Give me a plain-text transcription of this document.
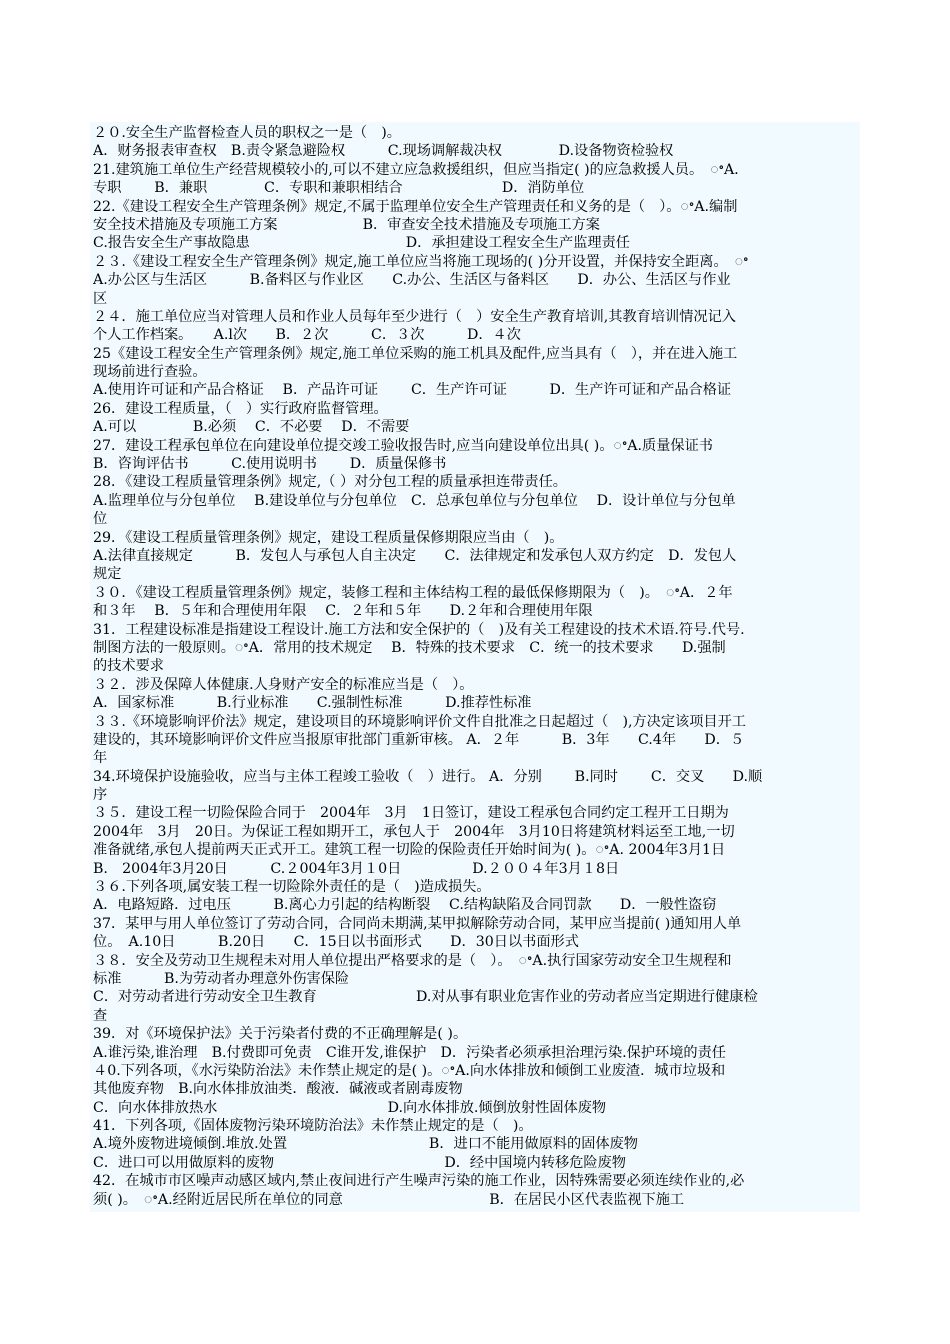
２０.安全生产监督检查人员的职权之一是（　)。
A．财务报表审查权　B.责令紧急避险权　　　C.现场调解裁决权　　　　D.设备物资检验权
21.建筑施工单位生产经营规模较小的,可以不建立应急救援组织，但应当指定( )的应急救援人员。　ꢀA．
专职　　 B．兼职　　　　C．专职和兼职相结合　　　　　　　D．消防单位
22.《建设工程安全生产管理条例》规定,不属于监理单位安全生产管理责任和义务的是（　）。ꢀA.编制
安全技术措施及专项施工方案　　　　　　B．审查安全技术措施及专项施工方案
C.报告安全生产事故隐患　　　　　　　　　　　D．承担建设工程安全生产监理责任
２３.《建设工程安全生产管理条例》规定,施工单位应当将施工现场的( )分开设置，并保持安全距离。　ꢀ
A.办公区与生活区　　　B.备料区与作业区　　C.办公、生活区与备料区　　D．办公、生活区与作业
区
２４．施工单位应当对管理人员和作业人员每年至少进行（　）安全生产教育培训,其教育培训情况记入
个人工作档案。　　A.l次　　B．２次　　　C．３次　　　D．４次
25《建设工程安全生产管理条例》规定,施工单位采购的施工机具及配件,应当具有（　），并在进入施工
现场前进行查验。
A.使用许可证和产品合格证　 B．产品许可证　　 C．生产许可证　　　D．生产许可证和产品合格证
26．建设工程质量，（　）实行政府监督管理。
A.可以　　　　B.必须　 C．不必要　 D．不需要
27．建设工程承包单位在向建设单位提交竣工验收报告时,应当向建设单位出具( )。ꢀA.质量保证书
B．咨询评估书　　　C.使用说明书　　 D．质量保修书
28．《建设工程质量管理条例》规定,（ ）对分包工程的质量承担连带责任。
A.监理单位与分包单位　 B.建设单位与分包单位　C．总承包单位与分包单位　 D．设计单位与分包单
位
29．《建设工程质量管理条例》规定，建设工程质量保修期限应当由（　)。
A.法律直接规定　　　B．发包人与承包人自主决定　　C．法律规定和发承包人双方约定　D．发包人
规定
３０．《建设工程质量管理条例》规定，装修工程和主体结构工程的最低保修期限为（　)。　ꢀA．２年
和３年　 B．５年和合理使用年限　 C．２年和５年　　D.２年和合理使用年限
31．工程建设标准是指建设工程设计.施工方法和安全保护的（　)及有关工程建设的技术术语.符号.代号.
制图方法的一般原则。ꢀA．常用的技术规定　 B．特殊的技术要求　C．统一的技术要求　　D.强制
的技术要求
３２．涉及保障人体健康.人身财产安全的标准应当是（　）。
A．国家标准　　　B.行业标准　　C.强制性标准　　　D.推荐性标准
３３.《环境影响评价法》规定，建设项目的环境影响评价文件自批准之日起超过（　),方决定该项目开工
建设的，其环境影响评价文件应当报原审批部门重新审核。 A．２年　　　B．3年　　C.4年　　D．５
年
34.环境保护设施验收，应当与主体工程竣工验收（　）进行。 A．分别　　 B.同时　　 C．交叉　　D.顺
序
３５．建设工程一切险保险合同于　2004年　3月　1日签订，建设工程承包合同约定工程开工日期为
2004年　3月　20日。为保证工程如期开工，承包人于　2004年　3月10日将建筑材料运至工地,一切
准备就绪,承包人提前两天正式开工。建筑工程一切险的保险责任开始时间为( )。ꢀA. 2004年3月1日
B.　2004年3月20日　　　C.２004年3月１0日　　　　　D.２００４年3月１8日
３６.下列各项,属安装工程一切险除外责任的是（　)造成损失。
A．电路短路．过电压　　　B.离心力引起的结构断裂　 C.结构缺陷及合同罚款　　D．一般性盗窃
37．某甲与用人单位签订了劳动合同，合同尚未期满,某甲拟解除劳动合同，某甲应当提前( )通知用人单
位。　A.10日　　　B.20日　　C．15日以书面形式　　D．30日以书面形式
３８．安全及劳动卫生规程未对用人单位提出严格要求的是（　）。　ꢀA.执行国家劳动安全卫生规程和
标准　　　B.为劳动者办理意外伤害保险
C．对劳动者进行劳动安全卫生教育　　　　　　　D.对从事有职业危害作业的劳动者应当定期进行健康检
查
39．对《环境保护法》关于污染者付费的不正确理解是( )。
A.谁污染,谁治理　B.付费即可免责　C谁开发,谁保护　D．污染者必须承担治理污染.保护环境的责任
４0.下列各项，《水污染防治法》未作禁止规定的是( )。ꢀA.向水体排放和倾倒工业废渣．城市垃圾和
其他废弃物　B.向水体排放油类．酸液．碱液或者剧毒废物
C．向水体排放热水　　　　　　　　　　　　D.向水体排放.倾倒放射性固体废物
41．下列各项,《固体废物污染环境防治法》未作禁止规定的是（　)。
A.境外废物进境倾倒.堆放.处置　　　　　　　　　　B．进口不能用做原料的固体废物
C．进口可以用做原料的废物　　　　　　　　　　　　D．经中国境内转移危险废物
42．在城市市区噪声动感区域内,禁止夜间进行产生噪声污染的施工作业，因特殊需要必须连续作业的,必
须( )。　ꢀA.经附近居民所在单位的同意　　　　　　　　　　 B．在居民小区代表监视下施工
